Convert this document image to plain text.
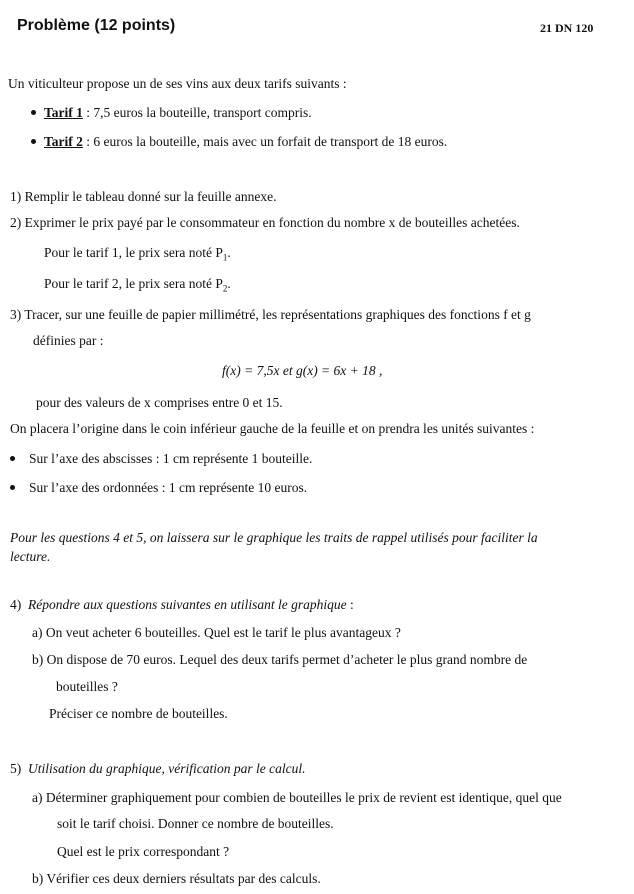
Problème (12 points)	21 DN 120
Un viticulteur propose un de ses vins aux deux tarifs suivants :
Tarif 1 : 7,5 euros la bouteille, transport compris.
Tarif 2 : 6 euros la bouteille, mais avec un forfait de transport de 18 euros.
1) Remplir le tableau donné sur la feuille annexe.
2) Exprimer le prix payé par le consommateur en fonction du nombre x de bouteilles achetées.
Pour le tarif 1, le prix sera noté $P_1$.
Pour le tarif 2, le prix sera noté $P_2$.
3) Tracer, sur une feuille de papier millimétré, les représentations graphiques des fonctions f et g
définies par :
f(x) = 7,5x et g(x) = 6x + 18 ,
pour des valeurs de x comprises entre 0 et 15.
On placera l’origine dans le coin inférieur gauche de la feuille et on prendra les unités suivantes :
Sur l’axe des abscisses : 1 cm représente 1 bouteille.
Sur l’axe des ordonnées : 1 cm représente 10 euros.
Pour les questions 4 et 5, on laissera sur le graphique les traits de rappel utilisés pour faciliter la
lecture.
4) Répondre aux questions suivantes en utilisant le graphique :
a) On veut acheter 6 bouteilles. Quel est le tarif le plus avantageux ?
b) On dispose de 70 euros. Lequel des deux tarifs permet d’acheter le plus grand nombre de
bouteilles ?
Préciser ce nombre de bouteilles.
5) Utilisation du graphique, vérification par le calcul.
a) Déterminer graphiquement pour combien de bouteilles le prix de revient est identique, quel que
soit le tarif choisi. Donner ce nombre de bouteilles.
Quel est le prix correspondant ?
b) Vérifier ces deux derniers résultats par des calculs.
